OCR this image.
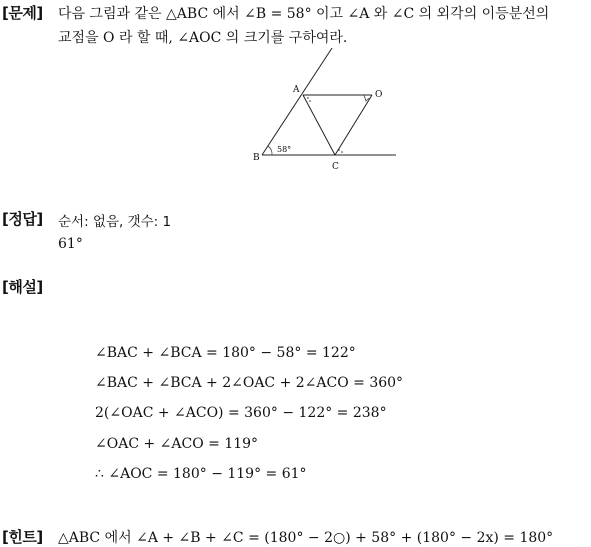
[문제] 다음 그림과 같은 △ABC 에서 ∠B = 58° 이고 ∠A 와 ∠C 의 외각의 이등분선의
교점을 O 라 할 때, ∠AOC 의 크기를 구하여라.
A
B
C
O
58°
[정답] 순서: 없음, 갯수: 1
61°
[해설]
∠BAC + ∠BCA = 180° − 58° = 122°
∠BAC + ∠BCA + 2∠OAC + 2∠ACO = 360°
2(∠OAC + ∠ACO) = 360° − 122° = 238°
∠OAC + ∠ACO = 119°
∴ ∠AOC = 180° − 119° = 61°
[힌트] △ABC 에서 ∠A + ∠B + ∠C = (180° − 2○) + 58° + (180° − 2x) = 180°
